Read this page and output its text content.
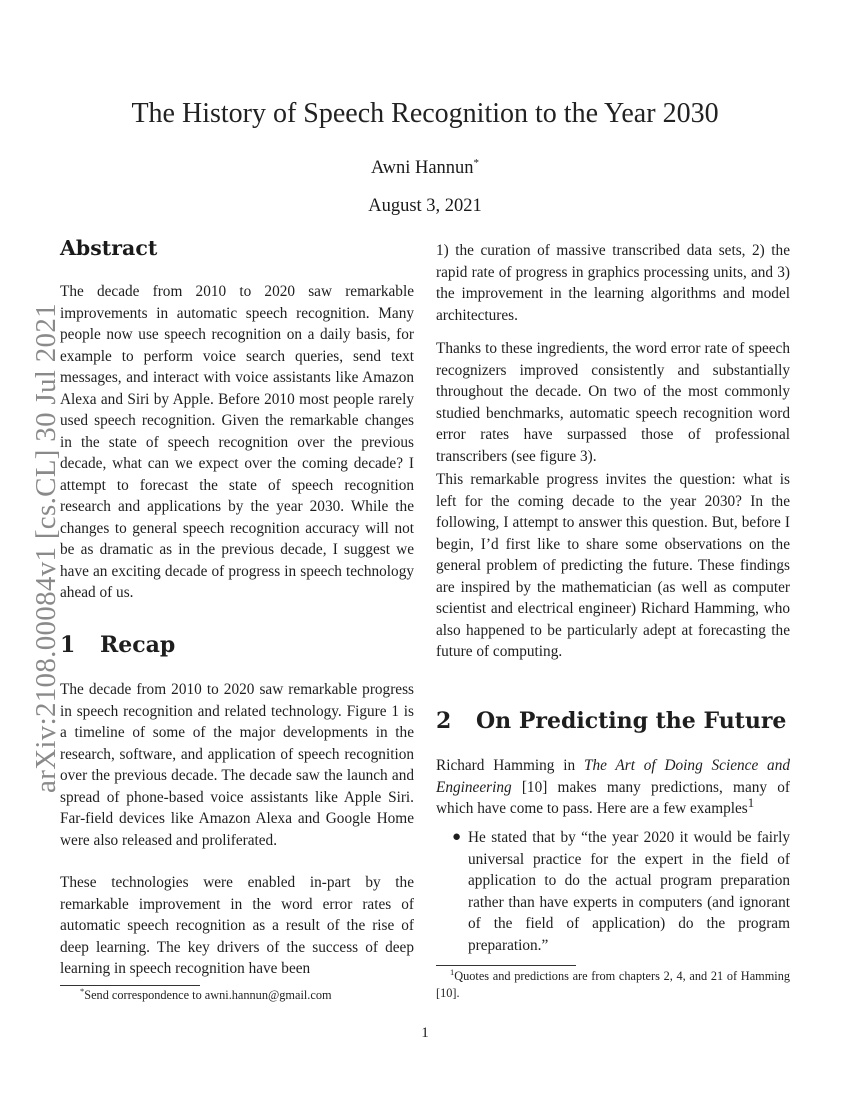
arXiv:2108.00084v1 [cs.CL] 30 Jul 2021
The History of Speech Recognition to the Year 2030
Awni Hannun*
August 3, 2021
Abstract

The decade from 2010 to 2020 saw remarkable improvements in automatic speech recognition. Many people now use speech recognition on a daily basis, for example to perform voice search queries, send text messages, and interact with voice assistants like Amazon Alexa and Siri by Apple. Before 2010 most people rarely used speech recognition. Given the remarkable changes in the state of speech recognition over the previous decade, what can we expect over the coming decade? I attempt to forecast the state of speech recognition research and applications by the year 2030. While the changes to general speech recognition accuracy will not be as dramatic as in the previous decade, I suggest we have an exciting decade of progress in speech technology ahead of us.

1 Recap

The decade from 2010 to 2020 saw remarkable progress in speech recognition and related technology. Figure 1 is a timeline of some of the major developments in the research, software, and application of speech recognition over the previous decade. The decade saw the launch and spread of phone-based voice assistants like Apple Siri. Far-field devices like Amazon Alexa and Google Home were also released and proliferated.

These technologies were enabled in-part by the remarkable improvement in the word error rates of automatic speech recognition as a result of the rise of deep learning. The key drivers of the success of deep learning in speech recognition have been

*Send correspondence to awni.hannun@gmail.com

1) the curation of massive transcribed data sets, 2) the rapid rate of progress in graphics processing units, and 3) the improvement in the learning algorithms and model architectures.

Thanks to these ingredients, the word error rate of speech recognizers improved consistently and substantially throughout the decade. On two of the most commonly studied benchmarks, automatic speech recognition word error rates have surpassed those of professional transcribers (see figure 3).

This remarkable progress invites the question: what is left for the coming decade to the year 2030? In the following, I attempt to answer this question. But, before I begin, I’d first like to share some observations on the general problem of predicting the future. These findings are inspired by the mathematician (as well as computer scientist and electrical engineer) Richard Hamming, who also happened to be particularly adept at forecasting the future of computing.

2 On Predicting the Future

Richard Hamming in The Art of Doing Science and Engineering [10] makes many predictions, many of which have come to pass. Here are a few examples$^1$

● He stated that by “the year 2020 it would be fairly universal practice for the expert in the field of application to do the actual program preparation rather than have experts in computers (and ignorant of the field of application) do the program preparation.”
$^1$Quotes and predictions are from chapters 2, 4, and 21 of Hamming [10].
1
